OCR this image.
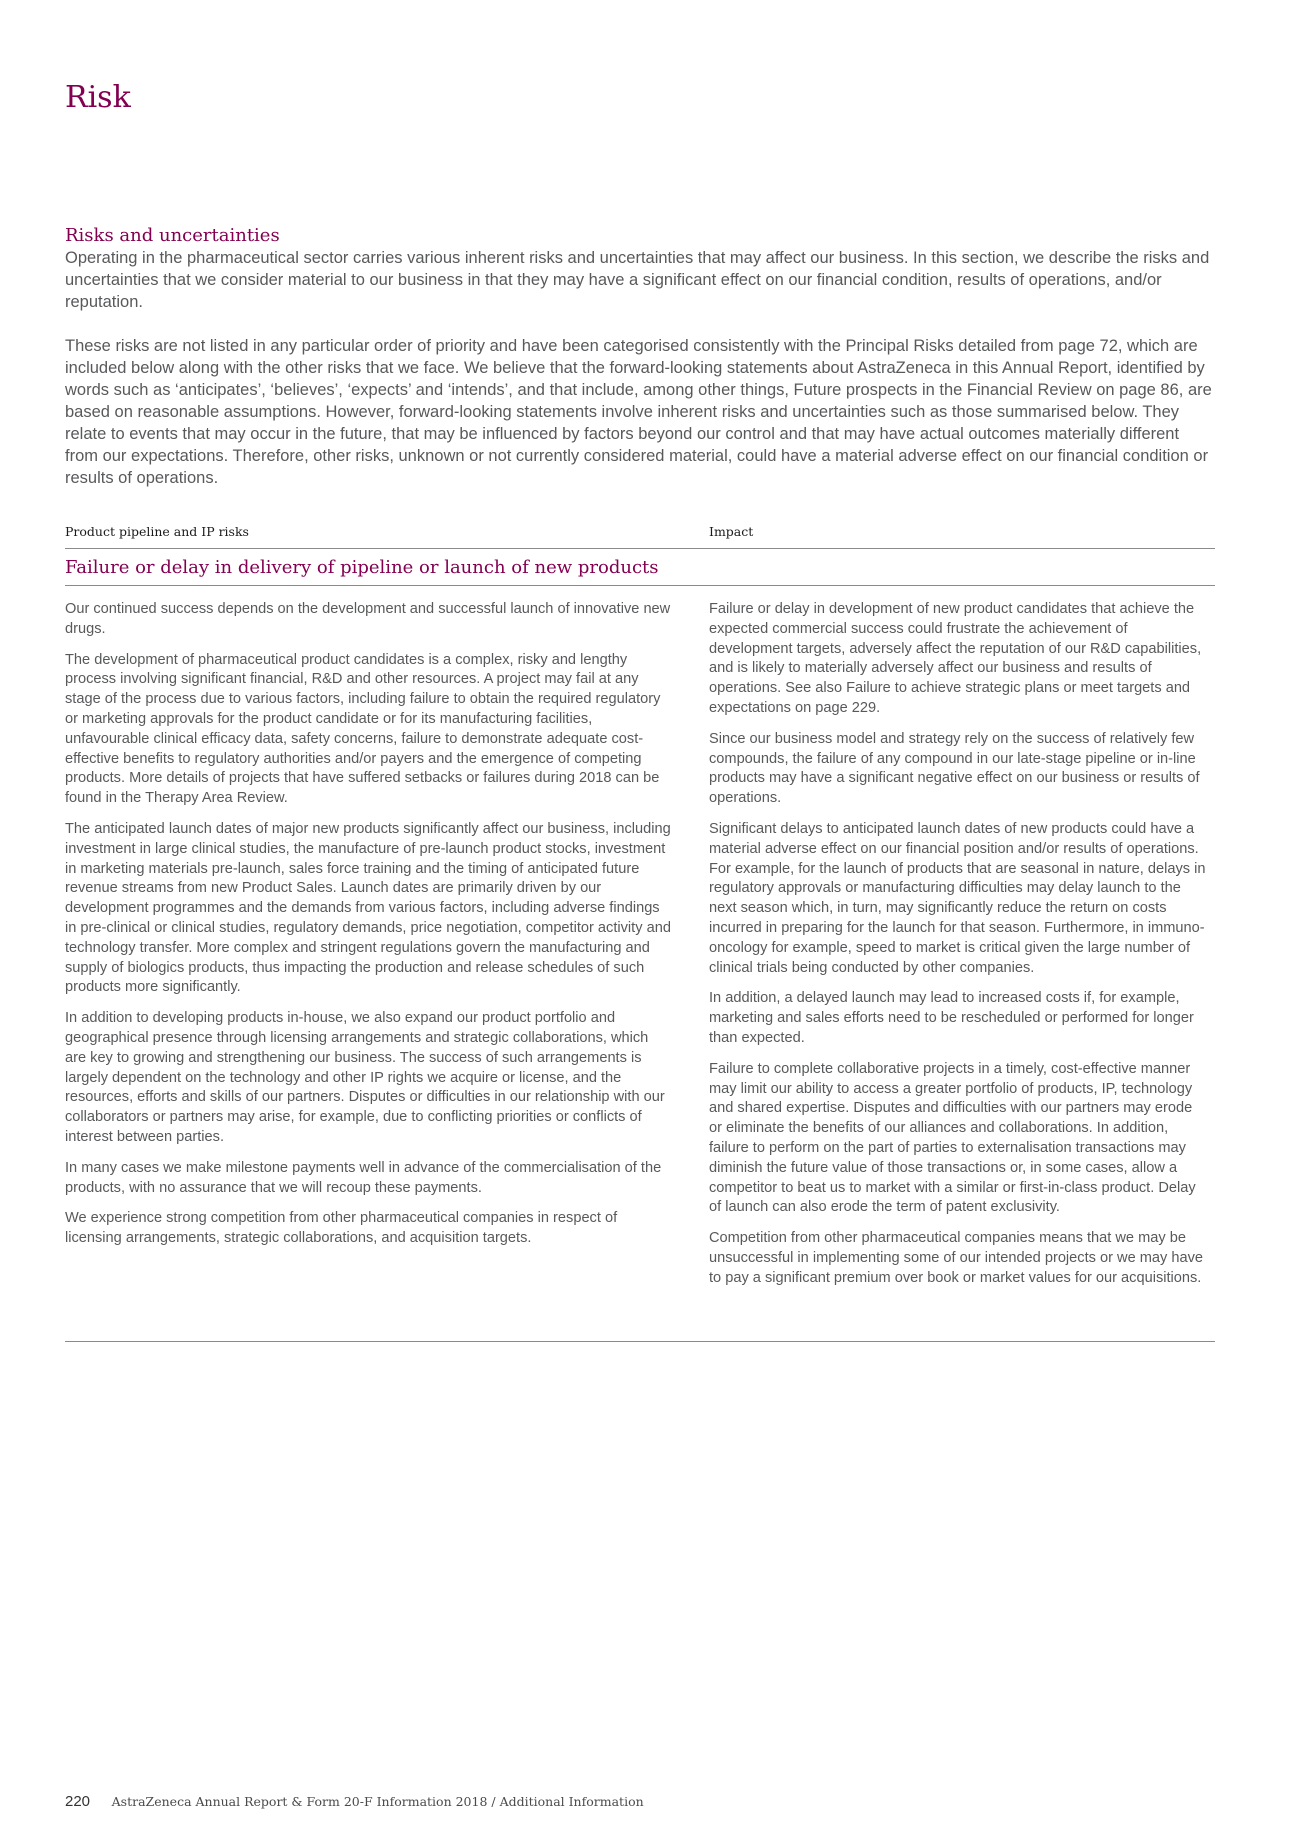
Risk
Risks and uncertainties

Operating in the pharmaceutical sector carries various inherent risks and uncertainties that may affect our business. In this section, we describe the risks and uncertainties that we consider material to our business in that they may have a significant effect on our financial condition, results of operations, and/or reputation.

These risks are not listed in any particular order of priority and have been categorised consistently with the Principal Risks detailed from page 72, which are included below along with the other risks that we face. We believe that the forward-looking statements about AstraZeneca in this Annual Report, identified by words such as ‘anticipates’, ‘believes’, ‘expects’ and ‘intends’, and that include, among other things, Future prospects in the Financial Review on page 86, are based on reasonable assumptions. However, forward-looking statements involve inherent risks and uncertainties such as those summarised below. They relate to events that may occur in the future, that may be influenced by factors beyond our control and that may have actual outcomes materially different from our expectations. Therefore, other risks, unknown or not currently considered material, could have a material adverse effect on our financial condition or results of operations.

Product pipeline and IP risks	Impact
Failure or delay in delivery of pipeline or launch of new products

Our continued success depends on the development and successful launch of innovative new drugs.

The development of pharmaceutical product candidates is a complex, risky and lengthy process involving significant financial, R&D and other resources. A project may fail at any stage of the process due to various factors, including failure to obtain the required regulatory or marketing approvals for the product candidate or for its manufacturing facilities, unfavourable clinical efficacy data, safety concerns, failure to demonstrate adequate cost-effective benefits to regulatory authorities and/or payers and the emergence of competing products. More details of projects that have suffered setbacks or failures during 2018 can be found in the Therapy Area Review.

The anticipated launch dates of major new products significantly affect our business, including investment in large clinical studies, the manufacture of pre-launch product stocks, investment in marketing materials pre-launch, sales force training and the timing of anticipated future revenue streams from new Product Sales. Launch dates are primarily driven by our development programmes and the demands from various factors, including adverse findings in pre-clinical or clinical studies, regulatory demands, price negotiation, competitor activity and technology transfer. More complex and stringent regulations govern the manufacturing and supply of biologics products, thus impacting the production and release schedules of such products more significantly.

In addition to developing products in-house, we also expand our product portfolio and geographical presence through licensing arrangements and strategic collaborations, which are key to growing and strengthening our business. The success of such arrangements is largely dependent on the technology and other IP rights we acquire or license, and the resources, efforts and skills of our partners. Disputes or difficulties in our relationship with our collaborators or partners may arise, for example, due to conflicting priorities or conflicts of interest between parties.

In many cases we make milestone payments well in advance of the commercialisation of the products, with no assurance that we will recoup these payments.

We experience strong competition from other pharmaceutical companies in respect of licensing arrangements, strategic collaborations, and acquisition targets.

Failure or delay in development of new product candidates that achieve the expected commercial success could frustrate the achievement of development targets, adversely affect the reputation of our R&D capabilities, and is likely to materially adversely affect our business and results of operations. See also Failure to achieve strategic plans or meet targets and expectations on page 229.

Since our business model and strategy rely on the success of relatively few compounds, the failure of any compound in our late-stage pipeline or in-line products may have a significant negative effect on our business or results of operations.

Significant delays to anticipated launch dates of new products could have a material adverse effect on our financial position and/or results of operations. For example, for the launch of products that are seasonal in nature, delays in regulatory approvals or manufacturing difficulties may delay launch to the next season which, in turn, may significantly reduce the return on costs incurred in preparing for the launch for that season. Furthermore, in immuno-oncology for example, speed to market is critical given the large number of clinical trials being conducted by other companies.

In addition, a delayed launch may lead to increased costs if, for example, marketing and sales efforts need to be rescheduled or performed for longer than expected.

Failure to complete collaborative projects in a timely, cost-effective manner may limit our ability to access a greater portfolio of products, IP, technology and shared expertise. Disputes and difficulties with our partners may erode or eliminate the benefits of our alliances and collaborations. In addition, failure to perform on the part of parties to externalisation transactions may diminish the future value of those transactions or, in some cases, allow a competitor to beat us to market with a similar or first-in-class product. Delay of launch can also erode the term of patent exclusivity.

Competition from other pharmaceutical companies means that we may be unsuccessful in implementing some of our intended projects or we may have to pay a significant premium over book or market values for our acquisitions.

220 AstraZeneca Annual Report & Form 20-F Information 2018 / Additional Information
